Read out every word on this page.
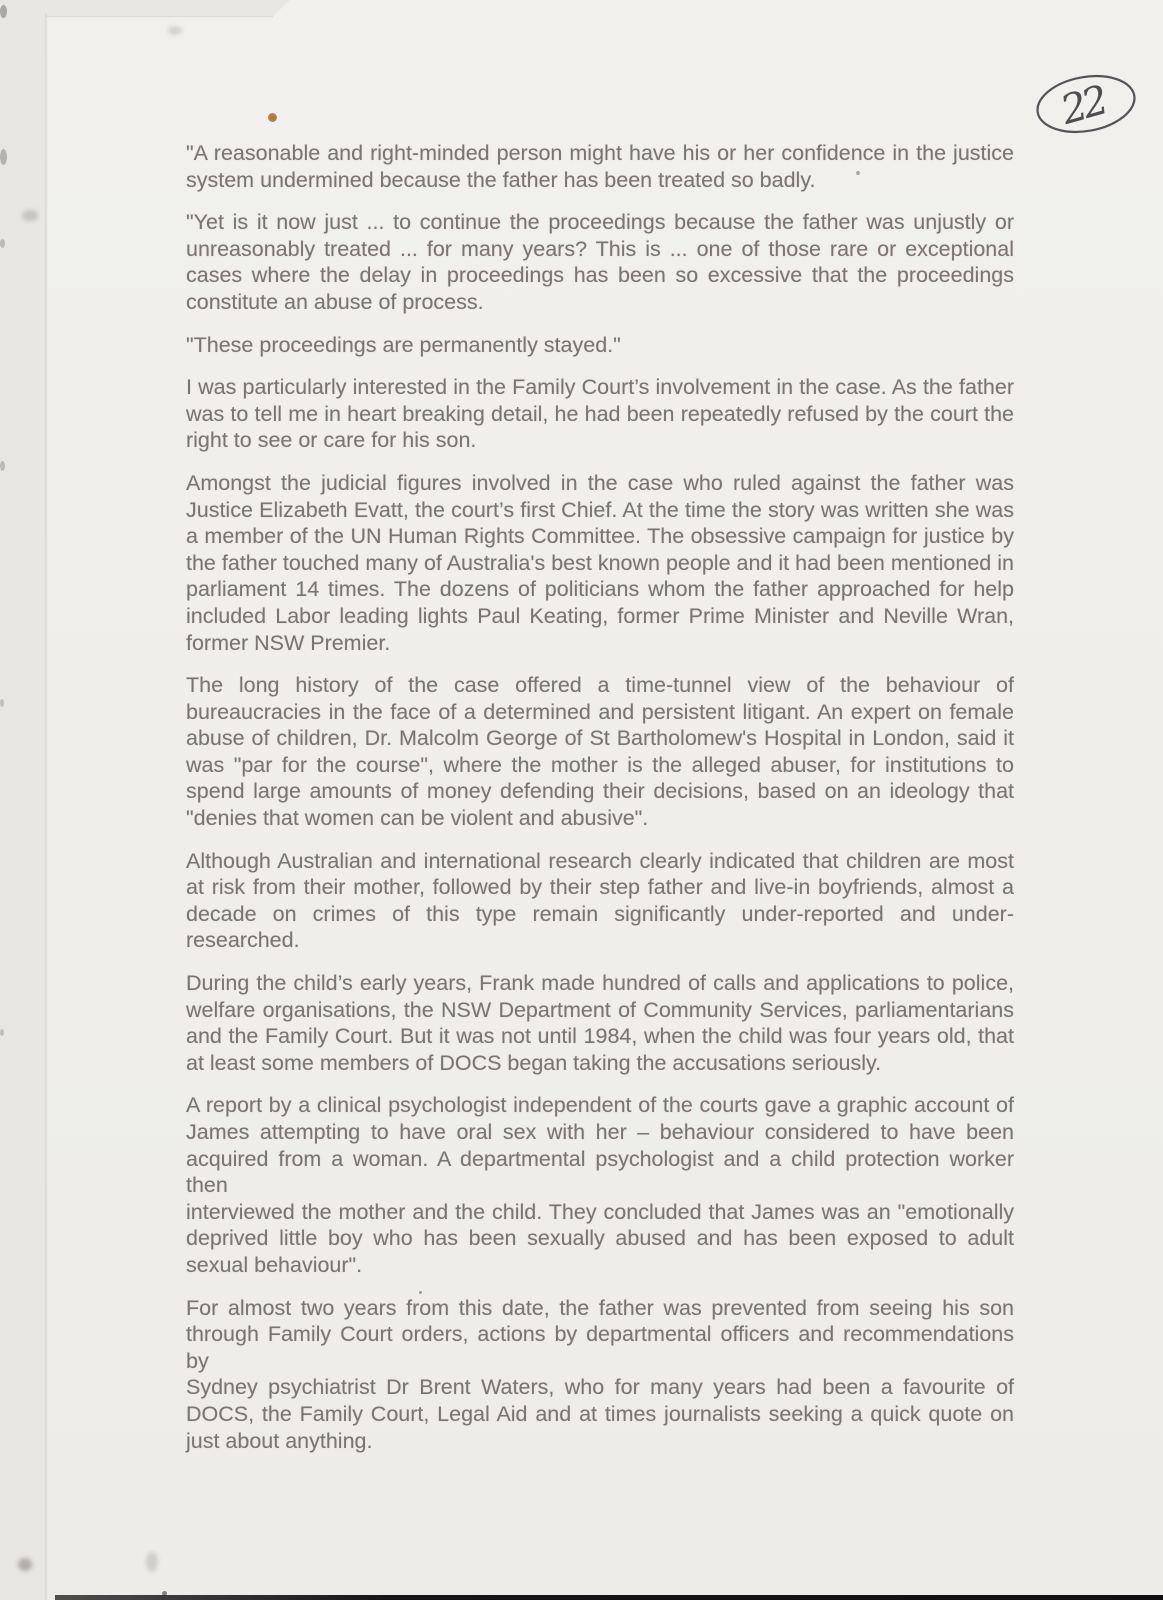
22
"A reasonable and right-minded person might have his or her confidence in the justice
system undermined because the father has been treated so badly.
"Yet is it now just ... to continue the proceedings because the father was unjustly or
unreasonably treated ... for many years? This is ... one of those rare or exceptional
cases where the delay in proceedings has been so excessive that the proceedings
constitute an abuse of process.
"These proceedings are permanently stayed."
I was particularly interested in the Family Court’s involvement in the case. As the father
was to tell me in heart breaking detail, he had been repeatedly refused by the court the
right to see or care for his son.
Amongst the judicial figures involved in the case who ruled against the father was
Justice Elizabeth Evatt, the court’s first Chief. At the time the story was written she was
a member of the UN Human Rights Committee. The obsessive campaign for justice by
the father touched many of Australia's best known people and it had been mentioned in
parliament 14 times. The dozens of politicians whom the father approached for help
included Labor leading lights Paul Keating, former Prime Minister and Neville Wran,
former NSW Premier.
The long history of the case offered a time-tunnel view of the behaviour of
bureaucracies in the face of a determined and persistent litigant. An expert on female
abuse of children, Dr. Malcolm George of St Bartholomew's Hospital in London, said it
was "par for the course", where the mother is the alleged abuser, for institutions to
spend large amounts of money defending their decisions, based on an ideology that
"denies that women can be violent and abusive".
Although Australian and international research clearly indicated that children are most
at risk from their mother, followed by their step father and live-in boyfriends, almost a
decade on crimes of this type remain significantly under-reported and under-
researched.
During the child’s early years, Frank made hundred of calls and applications to police,
welfare organisations, the NSW Department of Community Services, parliamentarians
and the Family Court. But it was not until 1984, when the child was four years old, that
at least some members of DOCS began taking the accusations seriously.
A report by a clinical psychologist independent of the courts gave a graphic account of
James attempting to have oral sex with her – behaviour considered to have been
acquired from a woman. A departmental psychologist and a child protection worker then
interviewed the mother and the child. They concluded that James was an "emotionally
deprived little boy who has been sexually abused and has been exposed to adult
sexual behaviour".
For almost two years from this date, the father was prevented from seeing his son
through Family Court orders, actions by departmental officers and recommendations by
Sydney psychiatrist Dr Brent Waters, who for many years had been a favourite of
DOCS, the Family Court, Legal Aid and at times journalists seeking a quick quote on
just about anything.
